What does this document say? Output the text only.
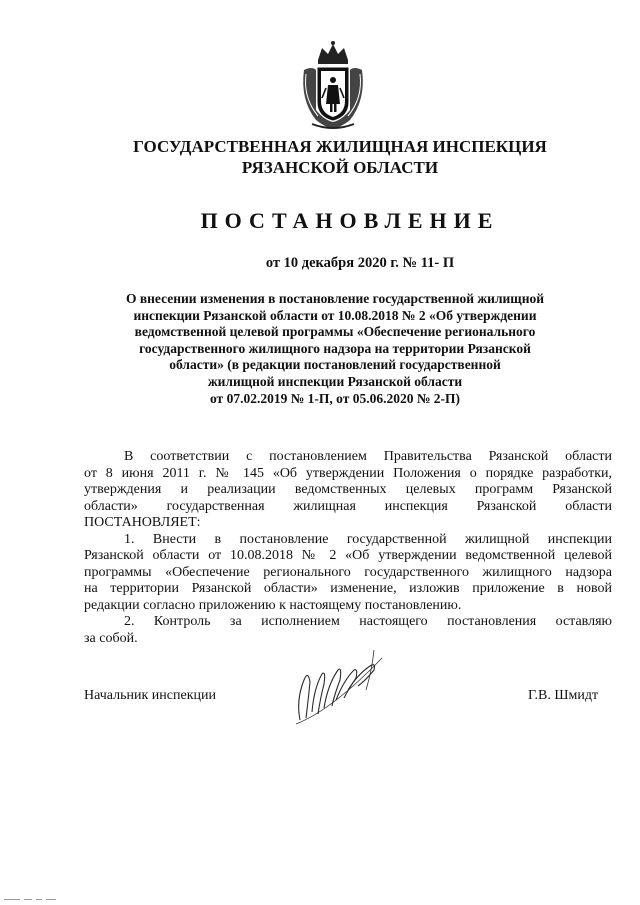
ГОСУДАРСТВЕННАЯ ЖИЛИЩНАЯ ИНСПЕКЦИЯ
РЯЗАНСКОЙ ОБЛАСТИ
ПОСТАНОВЛЕНИЕ
от 10 декабря 2020 г. № 11- П
О внесении изменения в постановление государственной жилищной
инспекции Рязанской области от 10.08.2018 № 2 «Об утверждении
ведомственной целевой программы «Обеспечение регионального
государственного жилищного надзора на территории Рязанской
области» (в редакции постановлений государственной
жилищной инспекции Рязанской области
от 07.02.2019 № 1-П, от 05.06.2020 № 2-П)
В соответствии с постановлением Правительства Рязанской области
от 8 июня 2011 г. № 145 «Об утверждении Положения о порядке разработки,
утверждения и реализации ведомственных целевых программ Рязанской
области» государственная жилищная инспекция Рязанской области
ПОСТАНОВЛЯЕТ:
1. Внести в постановление государственной жилищной инспекции
Рязанской области от 10.08.2018 № 2 «Об утверждении ведомственной целевой
программы «Обеспечение регионального государственного жилищного надзора
на территории Рязанской области» изменение, изложив приложение в новой
редакции согласно приложению к настоящему постановлению.
2. Контроль за исполнением настоящего постановления оставляю
за собой.
Начальник инспекции	Г.В. Шмидт
